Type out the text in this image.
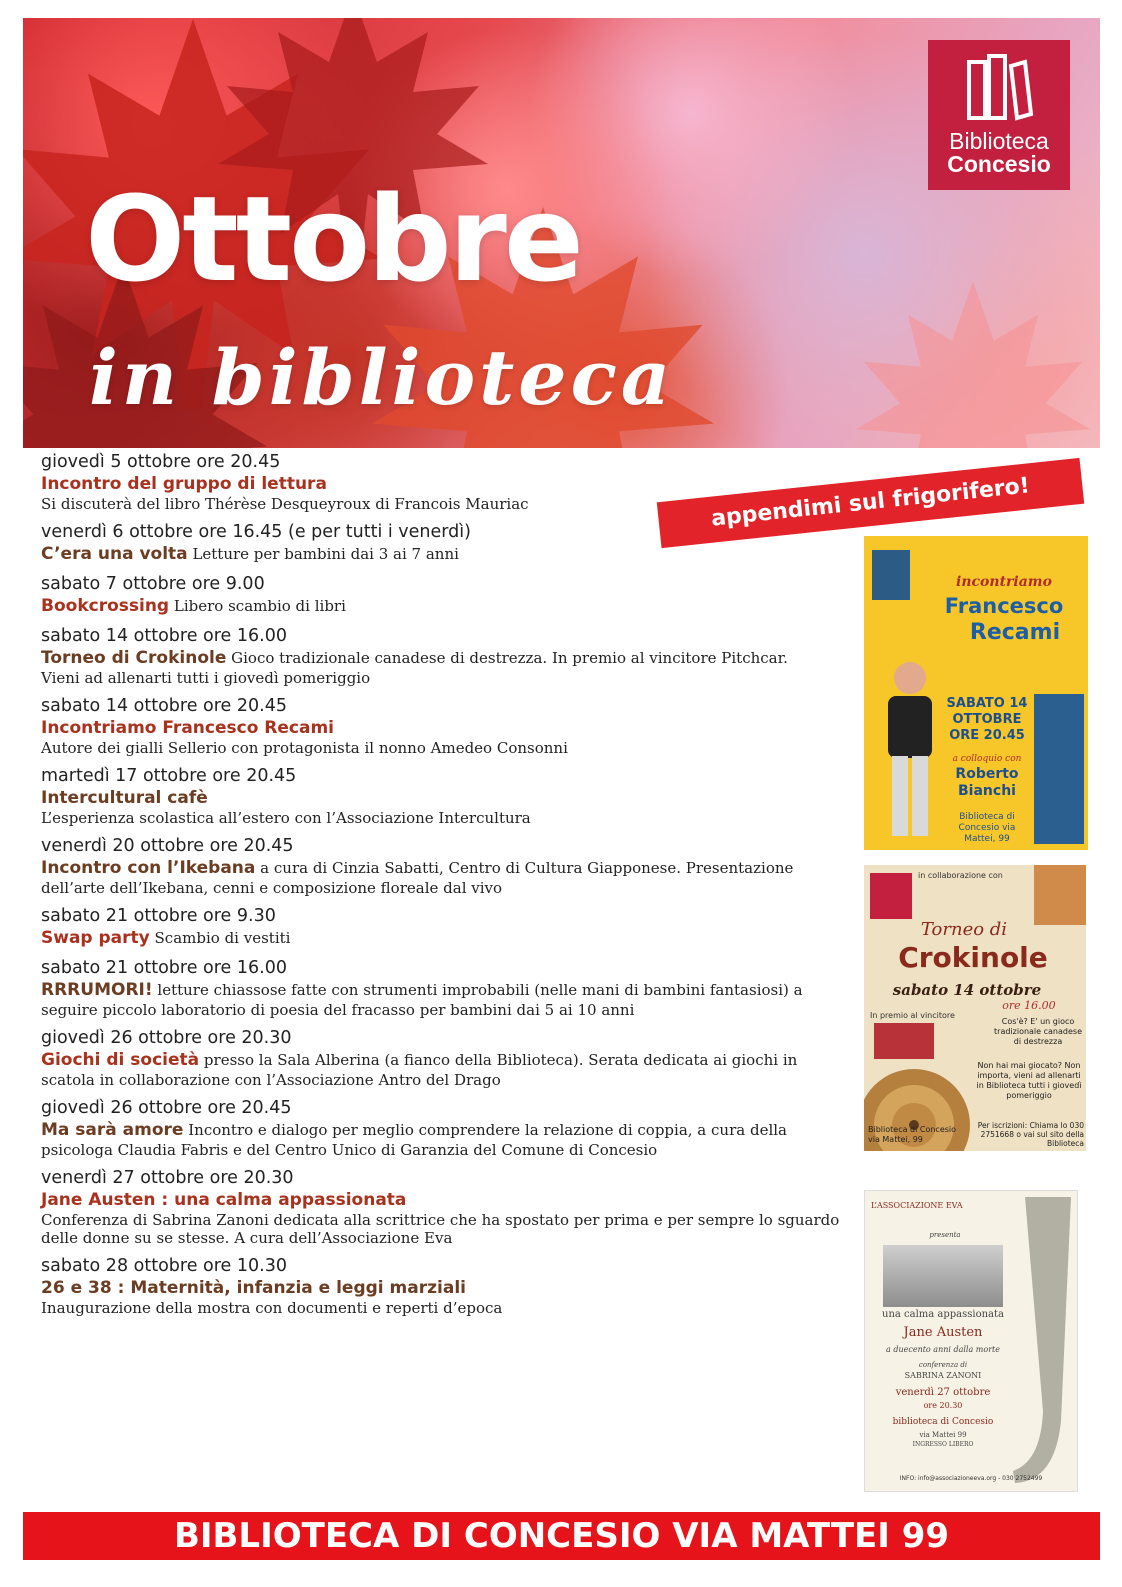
Ottobre
in biblioteca
Biblioteca
Concesio
appendimi sul frigorifero!
giovedì 5 ottobre ore 20.45
Incontro del gruppo di lettura
Si discuterà del libro Thérèse Desqueyroux di Francois Mauriac
venerdì 6 ottobre ore 16.45 (e per tutti i venerdì)
C’era una volta Letture per bambini dai 3 ai 7 anni
sabato 7 ottobre ore 9.00
Bookcrossing Libero scambio di libri
sabato 14 ottobre ore 16.00
Torneo di Crokinole Gioco tradizionale canadese di destrezza. In premio al vincitore Pitchcar.
Vieni ad allenarti tutti i giovedì pomeriggio
sabato 14 ottobre ore 20.45
Incontriamo Francesco Recami
Autore dei gialli Sellerio con protagonista il nonno Amedeo Consonni
martedì 17 ottobre ore 20.45
Intercultural cafè
L’esperienza scolastica all’estero con l’Associazione Intercultura
venerdì 20 ottobre ore 20.45
Incontro con l’Ikebana a cura di Cinzia Sabatti, Centro di Cultura Giapponese. Presentazione
dell’arte dell’Ikebana, cenni e composizione floreale dal vivo
sabato 21 ottobre ore 9.30
Swap party Scambio di vestiti
sabato 21 ottobre ore 16.00
RRRUMORI! letture chiassose fatte con strumenti improbabili (nelle mani di bambini fantasiosi) a
seguire piccolo laboratorio di poesia del fracasso per bambini dai 5 ai 10 anni
giovedì 26 ottobre ore 20.30
Giochi di società presso la Sala Alberina (a fianco della Biblioteca). Serata dedicata ai giochi in
scatola in collaborazione con l’Associazione Antro del Drago
giovedì 26 ottobre ore 20.45
Ma sarà amore Incontro e dialogo per meglio comprendere la relazione di coppia, a cura della
psicologa Claudia Fabris e del Centro Unico di Garanzia del Comune di Concesio
venerdì 27 ottobre ore 20.30
Jane Austen : una calma appassionata
Conferenza di Sabrina Zanoni dedicata alla scrittrice che ha spostato per prima e per sempre lo sguardo delle donne su se stesse. A cura dell’Associazione Eva
sabato 28 ottobre ore 10.30
26 e 38 : Maternità, infanzia e leggi marziali
Inaugurazione della mostra con documenti e reperti d’epoca
incontriamo
Francesco
Recami
SABATO 14 OTTOBRE ORE 20.45
a colloquio con
Roberto
Bianchi
Biblioteca di Concesio via Mattei, 99
in collaborazione con
Torneo di
Crokinole
sabato 14 ottobre
ore 16.00
In premio al vincitore
Cos'è? E' un gioco tradizionale canadese di destrezza
Non hai mai giocato? Non importa, vieni ad allenarti in Biblioteca tutti i giovedì pomeriggio
Biblioteca di Concesio via Mattei, 99
Per iscrizioni: Chiama lo 030 2751668 o vai sul sito della Biblioteca
L’ASSOCIAZIONE EVA
presenta
una calma appassionata
Jane Austen
a duecento anni dalla morte
conferenza di
SABRINA ZANONI
venerdì 27 ottobre
ore 20.30
biblioteca di Concesio
via Mattei 99
INGRESSO LIBERO
INFO: info@associazioneeva.org - 030 2752499
BIBLIOTECA DI CONCESIO VIA MATTEI 99
